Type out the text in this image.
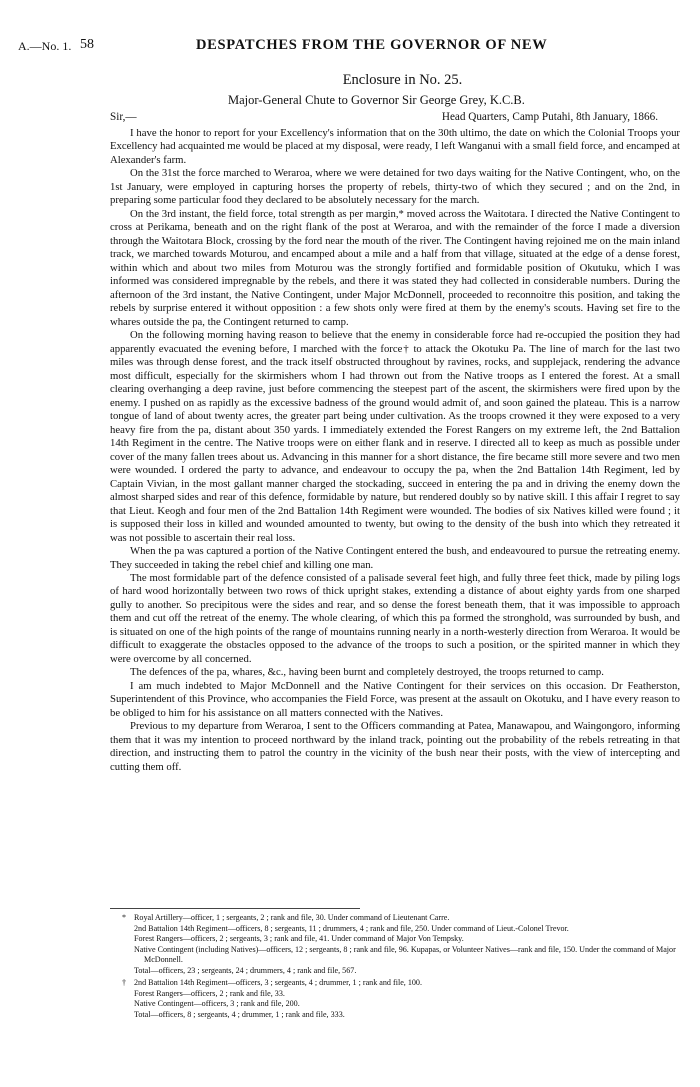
A.—No. 1. 58	DESPATCHES FROM THE GOVERNOR OF NEW
Enclosure in No. 25.
Major-General Chute to Governor Sir George Grey, K.C.B.
Sir,—	Head Quarters, Camp Putahi, 8th January, 1866.

I have the honor to report for your Excellency's information that on the 30th ultimo, the date on which the Colonial Troops your Excellency had acquainted me would be placed at my disposal, were ready, I left Wanganui with a small field force, and encamped at Alexander's farm.

On the 31st the force marched to Weraroa, where we were detained for two days waiting for the Native Contingent, who, on the 1st January, were employed in capturing horses the property of rebels, thirty-two of which they secured ; and on the 2nd, in preparing some particular food they declared to be absolutely necessary for the march.

On the 3rd instant, the field force, total strength as per margin,* moved across the Waitotara. I directed the Native Contingent to cross at Perikama, beneath and on the right flank of the post at Weraroa, and with the remainder of the force I made a diversion through the Waitotara Block, crossing by the ford near the mouth of the river. The Contingent having rejoined me on the main inland track, we marched towards Moturou, and encamped about a mile and a half from that village, situated at the edge of a dense forest, within which and about two miles from Moturou was the strongly fortified and formidable position of Okutuku, which I was informed was considered impregnable by the rebels, and there it was stated they had collected in considerable numbers. During the afternoon of the 3rd instant, the Native Contingent, under Major McDonnell, proceeded to reconnoitre this position, and taking the rebels by surprise entered it without opposition : a few shots only were fired at them by the enemy's scouts. Having set fire to the whares outside the pa, the Contingent returned to camp.

On the following morning having reason to believe that the enemy in considerable force had re-occupied the position they had apparently evacuated the evening before, I marched with the force† to attack the Okotuku Pa. The line of march for the last two miles was through dense forest, and the track itself obstructed throughout by ravines, rocks, and supplejack, rendering the advance most difficult, especially for the skirmishers whom I had thrown out from the Native troops as I entered the forest. At a small clearing overhanging a deep ravine, just before commencing the steepest part of the ascent, the skirmishers were fired upon by the enemy. I pushed on as rapidly as the excessive badness of the ground would admit of, and soon gained the plateau. This is a narrow tongue of land of about twenty acres, the greater part being under cultivation. As the troops crowned it they were exposed to a very heavy fire from the pa, distant about 350 yards. I immediately extended the Forest Rangers on my extreme left, the 2nd Battalion 14th Regiment in the centre. The Native troops were on either flank and in reserve. I directed all to keep as much as possible under cover of the many fallen trees about us. Advancing in this manner for a short distance, the fire became still more severe and two men were wounded. I ordered the party to advance, and endeavour to occupy the pa, when the 2nd Battalion 14th Regiment, led by Captain Vivian, in the most gallant manner charged the stockading, succeed in entering the pa and in driving the enemy down the almost sharped sides and rear of this defence, formidable by nature, but rendered doubly so by native skill. I this affair I regret to say that Lieut. Keogh and four men of the 2nd Battalion 14th Regiment were wounded. The bodies of six Natives killed were found ; it is supposed their loss in killed and wounded amounted to twenty, but owing to the density of the bush into which they retreated it was not possible to ascertain their real loss.

When the pa was captured a portion of the Native Contingent entered the bush, and endeavoured to pursue the retreating enemy. They succeeded in taking the rebel chief and killing one man.

The most formidable part of the defence consisted of a palisade several feet high, and fully three feet thick, made by piling logs of hard wood horizontally between two rows of thick upright stakes, extending a distance of about eighty yards from one sharped gully to another. So precipitous were the sides and rear, and so dense the forest beneath them, that it was impossible to approach them and cut off the retreat of the enemy. The whole clearing, of which this pa formed the stronghold, was surrounded by bush, and is situated on one of the high points of the range of mountains running nearly in a north-westerly direction from Weraroa. It would be difficult to exaggerate the obstacles opposed to the advance of the troops to such a position, or the spirited manner in which they were overcome by all concerned.

The defences of the pa, whares, &c., having been burnt and completely destroyed, the troops returned to camp.

I am much indebted to Major McDonnell and the Native Contingent for their services on this occasion. Dr Featherston, Superintendent of this Province, who accompanies the Field Force, was present at the assault on Okotuku, and I have every reason to be obliged to him for his assistance on all matters connected with the Natives.

Previous to my departure from Weraroa, I sent to the Officers commanding at Patea, Manawapou, and Waingongoro, informing them that it was my intention to proceed northward by the inland track, pointing out the probability of the rebels retreating in that direction, and instructing them to patrol the country in the vicinity of the bush near their posts, with the view of intercepting and cutting them off.

* Royal Artillery—officer, 1 ; sergeants, 2 ; rank and file, 30. Under command of Lieutenant Carre.
2nd Battalion 14th Regiment—officers, 8 ; sergeants, 11 ; drummers, 4 ; rank and file, 250. Under command of Lieut.-Colonel Trevor.
Forest Rangers—officers, 2 ; sergeants, 3 ; rank and file, 41. Under command of Major Von Tempsky.
Native Contingent (including Natives)—officers, 12 ; sergeants, 8 ; rank and file, 96. Kupapas, or Volunteer Natives—rank and file, 150. Under the command of Major McDonnell.
Total—officers, 23 ; sergeants, 24 ; drummers, 4 ; rank and file, 567.
† 2nd Battalion 14th Regiment—officers, 3 ; sergeants, 4 ; drummer, 1 ; rank and file, 100.
Forest Rangers—officers, 2 ; rank and file, 33.
Native Contingent—officers, 3 ; rank and file, 200.
Total—officers, 8 ; sergeants, 4 ; drummer, 1 ; rank and file, 333.
